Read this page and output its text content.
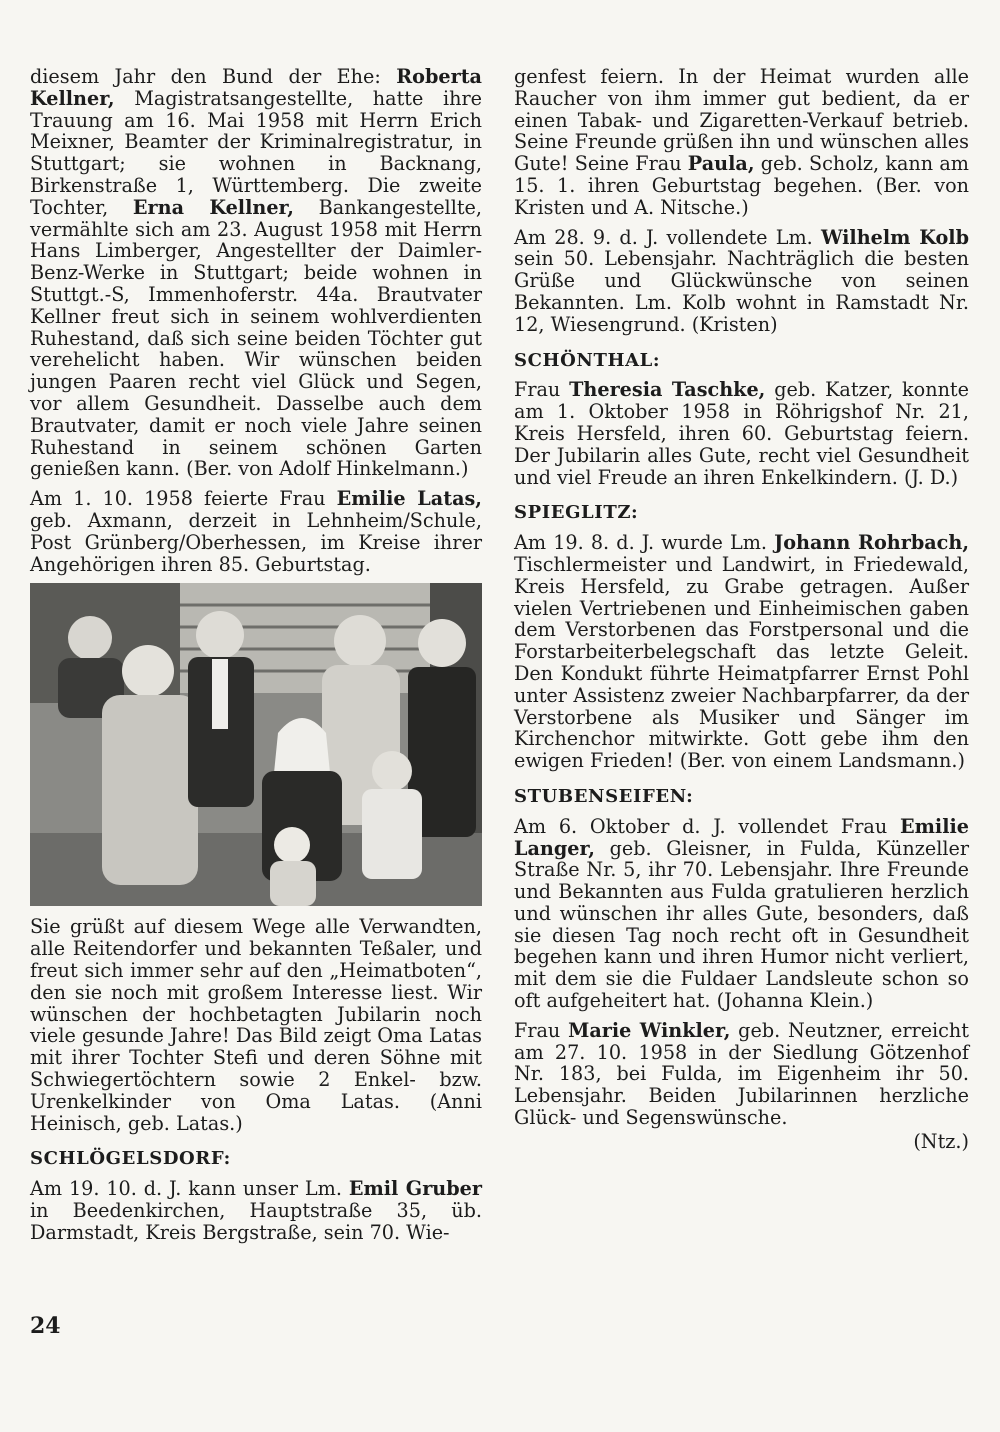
diesem Jahr den Bund der Ehe: Roberta Kellner, Magistratsangestellte, hatte ihre Trauung am 16. Mai 1958 mit Herrn Erich Meixner, Beamter der Kriminalregistratur, in Stuttgart; sie wohnen in Backnang, Birkenstraße 1, Württemberg. Die zweite Tochter, Erna Kellner, Bankangestellte, vermählte sich am 23. August 1958 mit Herrn Hans Limberger, Angestellter der Daimler-Benz-Werke in Stuttgart; beide wohnen in Stuttgt.-S, Immenhoferstr. 44a. Brautvater Kellner freut sich in seinem wohlverdienten Ruhestand, daß sich seine beiden Töchter gut verehelicht haben. Wir wünschen beiden jungen Paaren recht viel Glück und Segen, vor allem Gesundheit. Dasselbe auch dem Brautvater, damit er noch viele Jahre seinen Ruhestand in seinem schönen Garten genießen kann. (Ber. von Adolf Hinkelmann.)

Am 1. 10. 1958 feierte Frau Emilie Latas, geb. Axmann, derzeit in Lehnheim/Schule, Post Grünberg/Oberhessen, im Kreise ihrer Angehörigen ihren 85. Geburtstag.

Sie grüßt auf diesem Wege alle Verwandten, alle Reitendorfer und bekannten Teßaler, und freut sich immer sehr auf den „Heimatboten“, den sie noch mit großem Interesse liest. Wir wünschen der hochbetagten Jubilarin noch viele gesunde Jahre! Das Bild zeigt Oma Latas mit ihrer Tochter Stefi und deren Söhne mit Schwiegertöchtern sowie 2 Enkel- bzw. Urenkelkinder von Oma Latas. (Anni Heinisch, geb. Latas.)

SCHLÖGELSDORF:

Am 19. 10. d. J. kann unser Lm. Emil Gruber in Beedenkirchen, Hauptstraße 35, üb. Darmstadt, Kreis Bergstraße, sein 70. Wie-

genfest feiern. In der Heimat wurden alle Raucher von ihm immer gut bedient, da er einen Tabak- und Zigaretten-Verkauf betrieb. Seine Freunde grüßen ihn und wünschen alles Gute! Seine Frau Paula, geb. Scholz, kann am 15. 1. ihren Geburtstag begehen. (Ber. von Kristen und A. Nitsche.)

Am 28. 9. d. J. vollendete Lm. Wilhelm Kolb sein 50. Lebensjahr. Nachträglich die besten Grüße und Glückwünsche von seinen Bekannten. Lm. Kolb wohnt in Ramstadt Nr. 12, Wiesengrund. (Kristen)

SCHÖNTHAL:

Frau Theresia Taschke, geb. Katzer, konnte am 1. Oktober 1958 in Röhrigshof Nr. 21, Kreis Hersfeld, ihren 60. Geburtstag feiern. Der Jubilarin alles Gute, recht viel Gesundheit und viel Freude an ihren Enkelkindern. (J. D.)

SPIEGLITZ:

Am 19. 8. d. J. wurde Lm. Johann Rohrbach, Tischlermeister und Landwirt, in Friedewald, Kreis Hersfeld, zu Grabe getragen. Außer vielen Vertriebenen und Einheimischen gaben dem Verstorbenen das Forstpersonal und die Forstarbeiterbelegschaft das letzte Geleit. Den Kondukt führte Heimatpfarrer Ernst Pohl unter Assistenz zweier Nachbarpfarrer, da der Verstorbene als Musiker und Sänger im Kirchenchor mitwirkte. Gott gebe ihm den ewigen Frieden! (Ber. von einem Landsmann.)

STUBENSEIFEN:

Am 6. Oktober d. J. vollendet Frau Emilie Langer, geb. Gleisner, in Fulda, Künzeller Straße Nr. 5, ihr 70. Lebensjahr. Ihre Freunde und Bekannten aus Fulda gratulieren herzlich und wünschen ihr alles Gute, besonders, daß sie diesen Tag noch recht oft in Gesundheit begehen kann und ihren Humor nicht verliert, mit dem sie die Fuldaer Landsleute schon so oft aufgeheitert hat. (Johanna Klein.)

Frau Marie Winkler, geb. Neutzner, erreicht am 27. 10. 1958 in der Siedlung Götzenhof Nr. 183, bei Fulda, im Eigenheim ihr 50. Lebensjahr. Beiden Jubilarinnen herzliche Glück- und Segenswünsche.

(Ntz.)
24
